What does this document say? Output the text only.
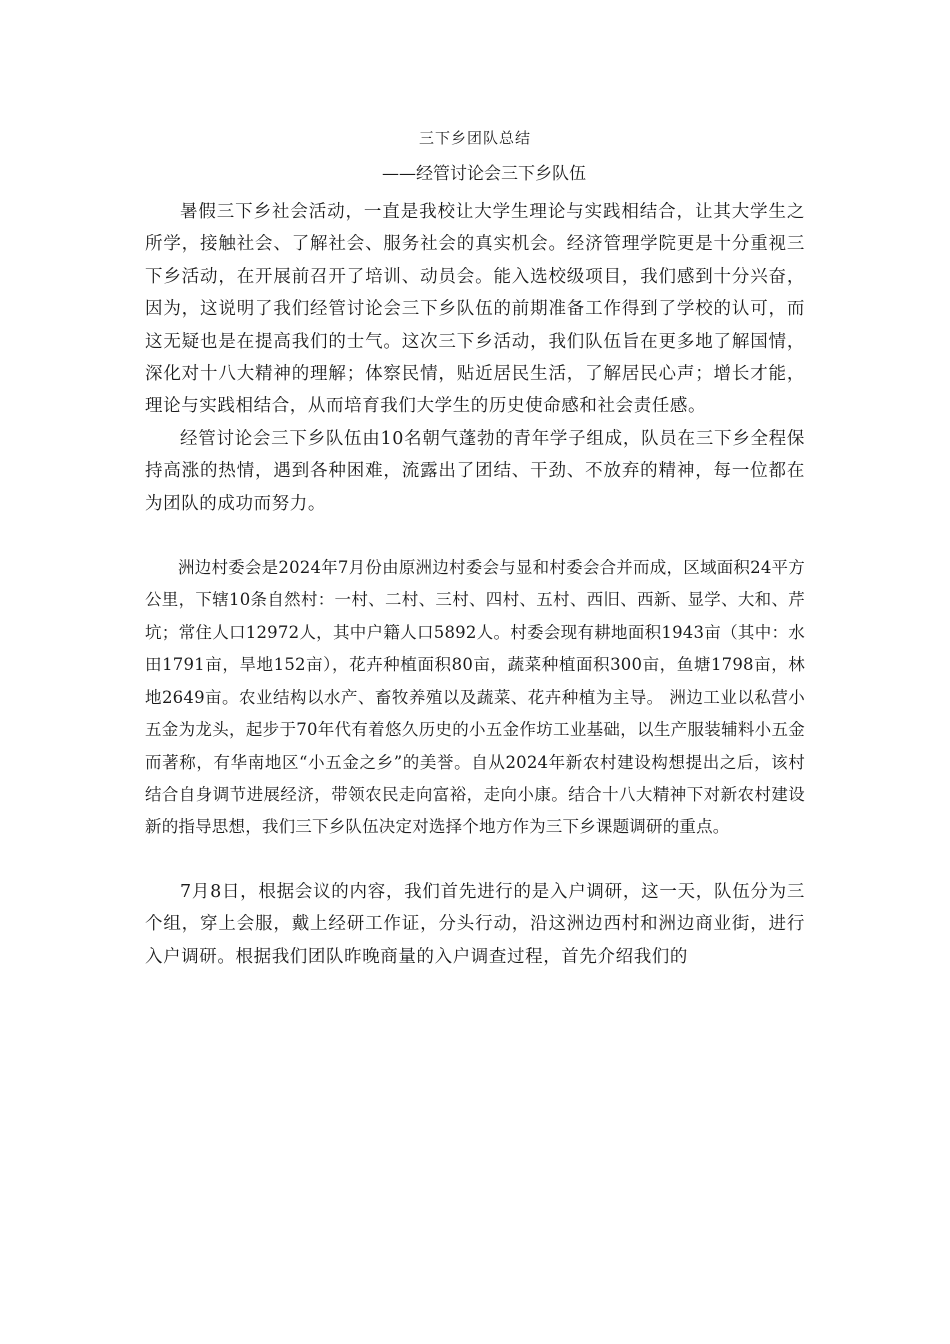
三下乡团队总结
——经管讨论会三下乡队伍

暑假三下乡社会活动，一直是我校让大学生理论与实践相结合，让其大学生之所学，接触社会、了解社会、服务社会的真实机会。经济管理学院更是十分重视三下乡活动，在开展前召开了培训、动员会。能入选校级项目，我们感到十分兴奋，因为，这说明了我们经管讨论会三下乡队伍的前期准备工作得到了学校的认可，而这无疑也是在提高我们的士气。这次三下乡活动，我们队伍旨在更多地了解国情，深化对十八大精神的理解；体察民情，贴近居民生活，了解居民心声；增长才能，理论与实践相结合，从而培育我们大学生的历史使命感和社会责任感。

经管讨论会三下乡队伍由10名朝气蓬勃的青年学子组成，队员在三下乡全程保持高涨的热情，遇到各种困难，流露出了团结、干劲、不放弃的精神，每一位都在为团队的成功而努力。

洲边村委会是2024年7月份由原洲边村委会与显和村委会合并而成，区域面积24平方公里，下辖10条自然村：一村、二村、三村、四村、五村、西旧、西新、显学、大和、芹坑；常住人口12972人，其中户籍人口5892人。村委会现有耕地面积1943亩（其中：水田1791亩，旱地152亩），花卉种植面积80亩，蔬菜种植面积300亩，鱼塘1798亩，林地2649亩。农业结构以水产、畜牧养殖以及蔬菜、花卉种植为主导。 洲边工业以私营小五金为龙头，起步于70年代有着悠久历史的小五金作坊工业基础，以生产服装辅料小五金而著称，有华南地区“小五金之乡”的美誉。自从2024年新农村建设构想提出之后，该村结合自身调节进展经济，带领农民走向富裕，走向小康。结合十八大精神下对新农村建设新的指导思想，我们三下乡队伍决定对选择个地方作为三下乡课题调研的重点。

7月8日，根据会议的内容，我们首先进行的是入户调研，这一天，队伍分为三个组，穿上会服，戴上经研工作证，分头行动，沿这洲边西村和洲边商业街，进行入户调研。根据我们团队昨晚商量的入户调查过程，首先介绍我们的
